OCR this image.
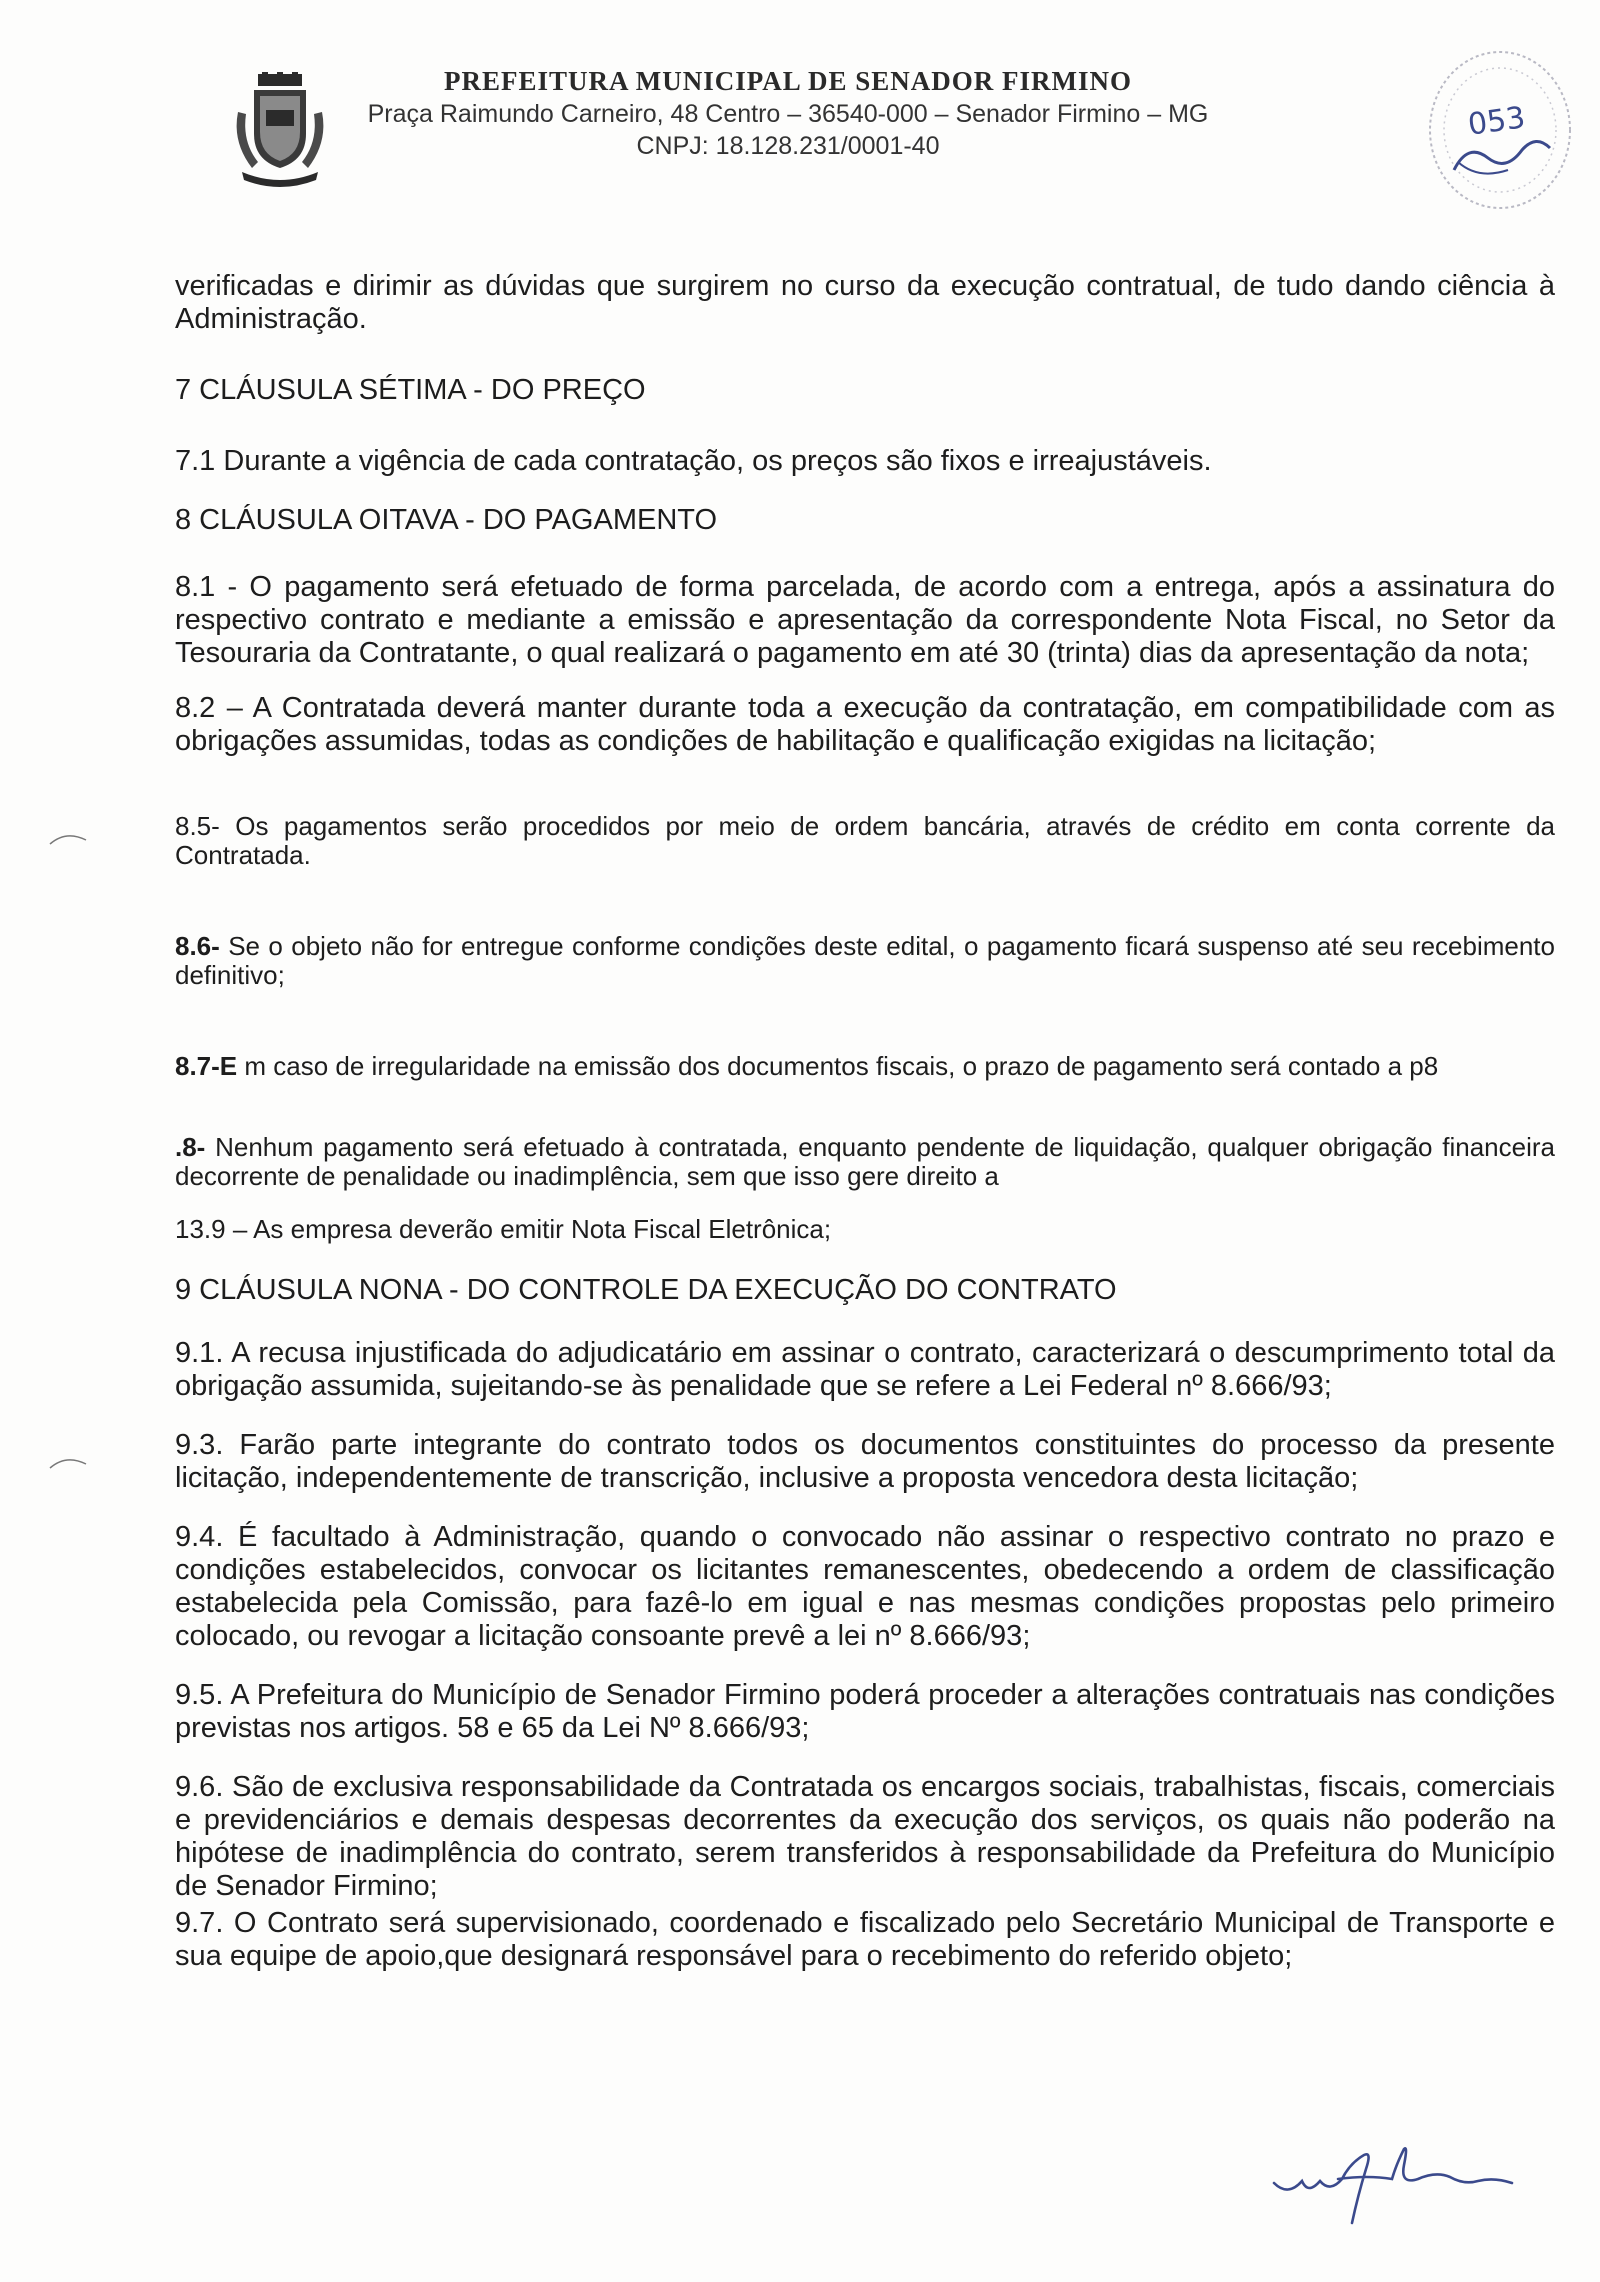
PREFEITURA MUNICIPAL DE SENADOR FIRMINO
Praça Raimundo Carneiro, 48 Centro – 36540-000 – Senador Firmino – MG
CNPJ: 18.128.231/0001-40
053

verificadas e dirimir as dúvidas que surgirem no curso da execução contratual, de tudo dando ciência à Administração.

7 CLÁUSULA SÉTIMA - DO PREÇO

7.1 Durante a vigência de cada contratação, os preços são fixos e irreajustáveis.

8 CLÁUSULA OITAVA - DO PAGAMENTO

8.1 - O pagamento será efetuado de forma parcelada, de acordo com a entrega, após a assinatura do respectivo contrato e mediante a emissão e apresentação da correspondente Nota Fiscal, no Setor da Tesouraria da Contratante, o qual realizará o pagamento em até 30 (trinta) dias da apresentação da nota;

8.2 – A Contratada deverá manter durante toda a execução da contratação, em compatibilidade com as obrigações assumidas, todas as condições de habilitação e qualificação exigidas na licitação;

8.5- Os pagamentos serão procedidos por meio de ordem bancária, através de crédito em conta corrente da Contratada.

8.6- Se o objeto não for entregue conforme condições deste edital, o pagamento ficará suspenso até seu recebimento definitivo;

8.7-E m caso de irregularidade na emissão dos documentos fiscais, o prazo de pagamento será contado a p8

.8- Nenhum pagamento será efetuado à contratada, enquanto pendente de liquidação, qualquer obrigação financeira decorrente de penalidade ou inadimplência, sem que isso gere direito a

13.9 – As empresa deverão emitir Nota Fiscal Eletrônica;

9 CLÁUSULA NONA - DO CONTROLE DA EXECUÇÃO DO CONTRATO

9.1. A recusa injustificada do adjudicatário em assinar o contrato, caracterizará o descumprimento total da obrigação assumida, sujeitando-se às penalidade que se refere a Lei Federal nº 8.666/93;

9.3. Farão parte integrante do contrato todos os documentos constituintes do processo da presente licitação, independentemente de transcrição, inclusive a proposta vencedora desta licitação;

9.4. É facultado à Administração, quando o convocado não assinar o respectivo contrato no prazo e condições estabelecidos, convocar os licitantes remanescentes, obedecendo a ordem de classificação estabelecida pela Comissão, para fazê-lo em igual e nas mesmas condições propostas pelo primeiro colocado, ou revogar a licitação consoante prevê a lei nº 8.666/93;

9.5. A Prefeitura do Município de Senador Firmino poderá proceder a alterações contratuais nas condições previstas nos artigos. 58 e 65 da Lei Nº 8.666/93;

9.6. São de exclusiva responsabilidade da Contratada os encargos sociais, trabalhistas, fiscais, comerciais e previdenciários e demais despesas decorrentes da execução dos serviços, os quais não poderão na hipótese de inadimplência do contrato, serem transferidos à responsabilidade da Prefeitura do Município de Senador Firmino;

9.7. O Contrato será supervisionado, coordenado e fiscalizado pelo Secretário Municipal de Transporte e sua equipe de apoio,que designará responsável para o recebimento do referido objeto;
